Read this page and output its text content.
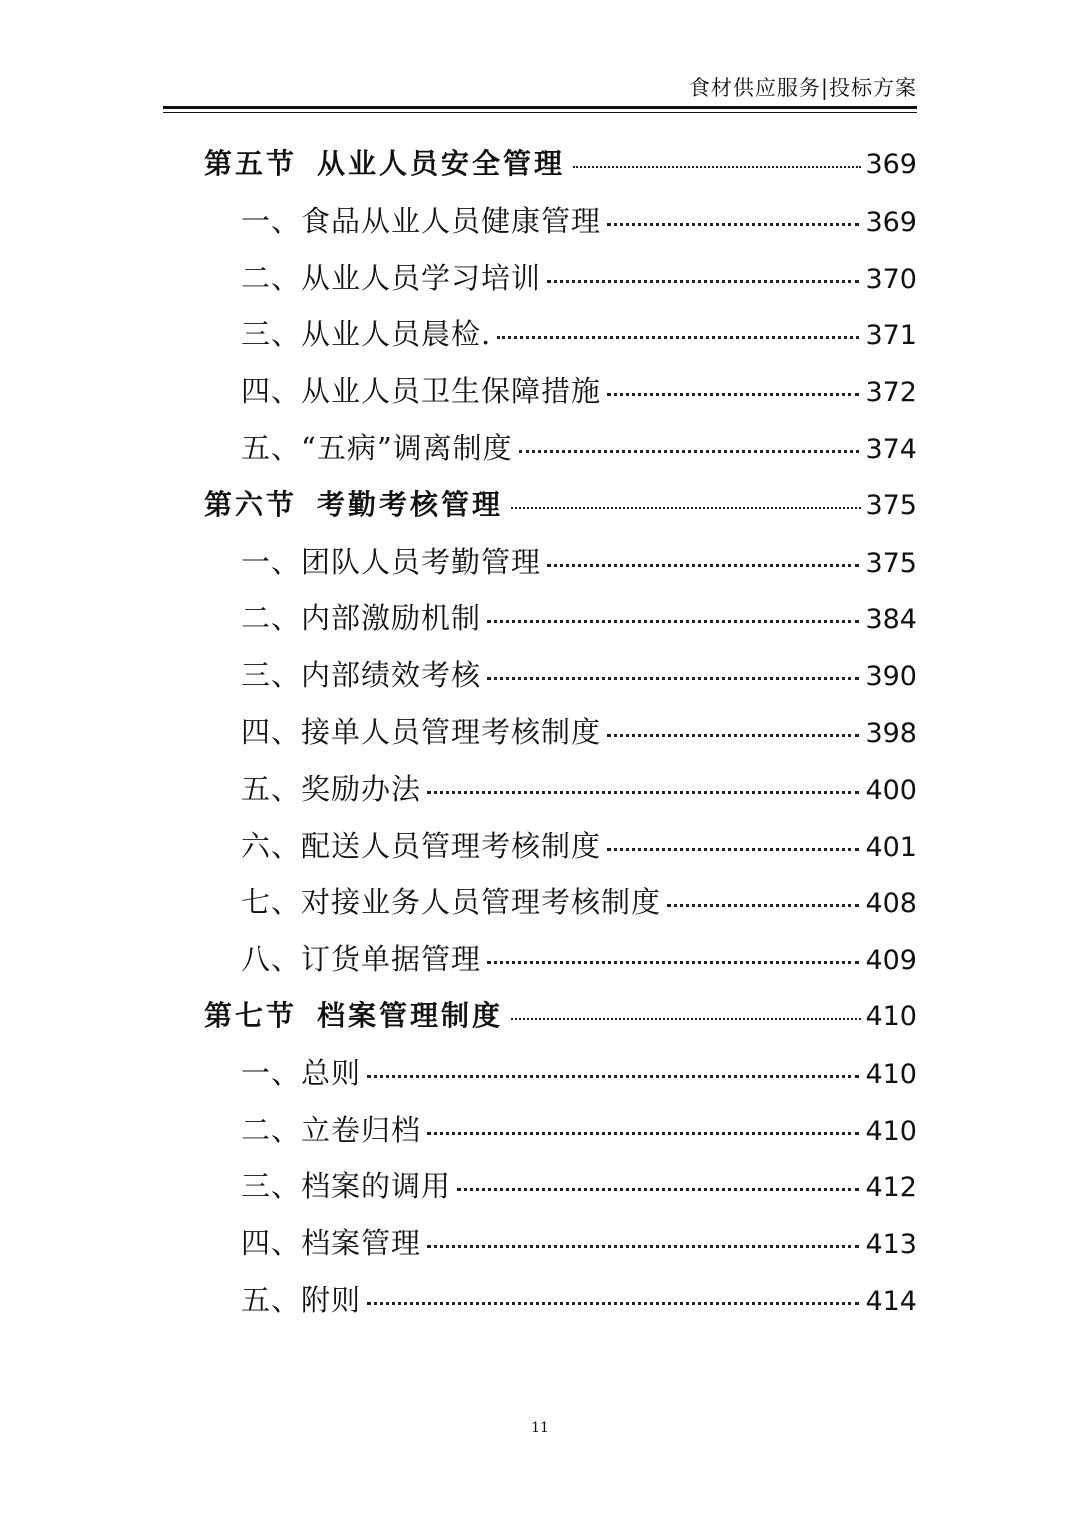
食材供应服务|投标方案
第五节 从业人员安全管理	369
一、 食品从业人员健康管理	369
二、 从业人员学习培训	370
三、 从业人员晨检.	371
四、 从业人员卫生保障措施	372
五、 “五病”调离制度	374
第六节 考勤考核管理	375
一、 团队人员考勤管理	375
二、 内部激励机制	384
三、 内部绩效考核	390
四、 接单人员管理考核制度	398
五、 奖励办法	400
六、 配送人员管理考核制度	401
七、 对接业务人员管理考核制度	408
八、 订货单据管理	409
第七节 档案管理制度	410
一、 总则	410
二、 立卷归档	410
三、 档案的调用	412
四、 档案管理	413
五、 附则	414
11
